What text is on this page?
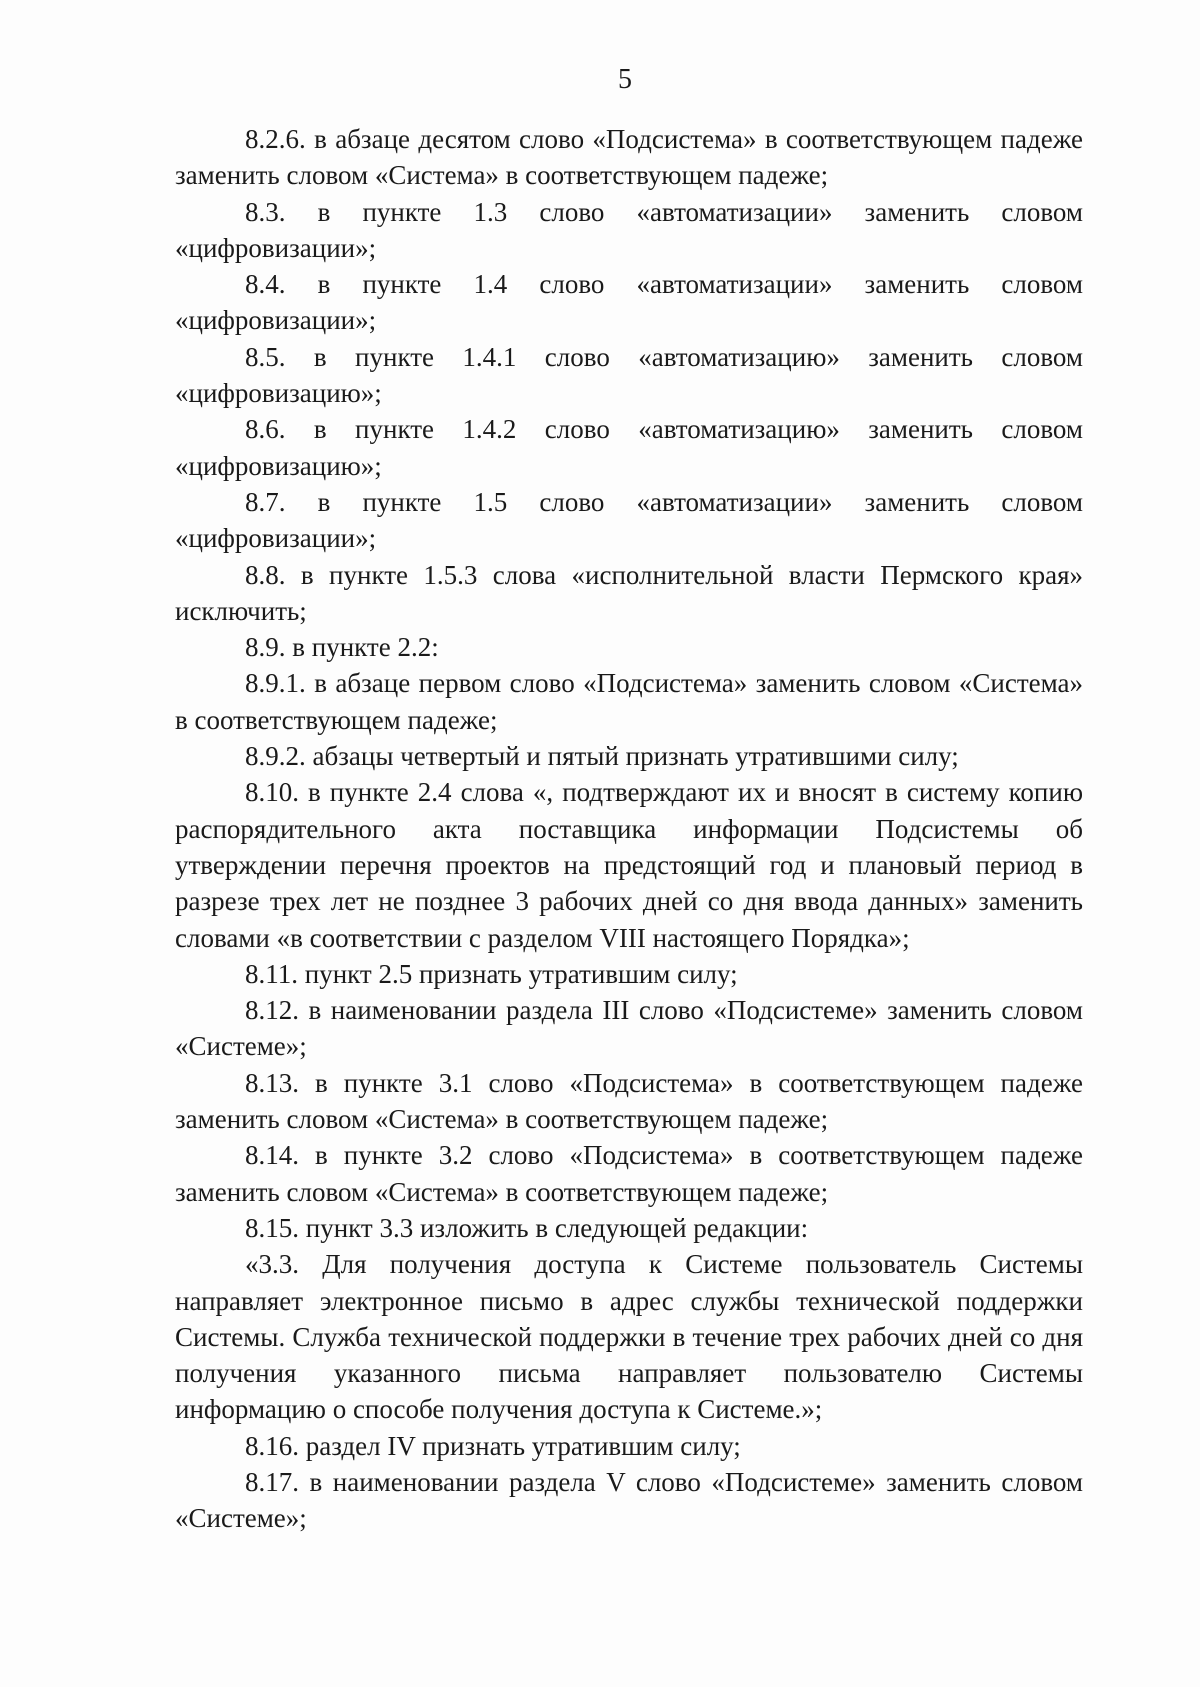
5

8.2.6. в абзаце десятом слово «Подсистема» в соответствующем падеже заменить словом «Система» в соответствующем падеже;

8.3. в пункте 1.3 слово «автоматизации» заменить словом «цифровизации»;

8.4. в пункте 1.4 слово «автоматизации» заменить словом «цифровизации»;

8.5. в пункте 1.4.1 слово «автоматизацию» заменить словом «цифровизацию»;

8.6. в пункте 1.4.2 слово «автоматизацию» заменить словом «цифровизацию»;

8.7. в пункте 1.5 слово «автоматизации» заменить словом «цифровизации»;

8.8. в пункте 1.5.3 слова «исполнительной власти Пермского края» исключить;

8.9. в пункте 2.2:

8.9.1. в абзаце первом слово «Подсистема» заменить словом «Система» в соответствующем падеже;

8.9.2. абзацы четвертый и пятый признать утратившими силу;

8.10. в пункте 2.4 слова «, подтверждают их и вносят в систему копию распорядительного акта поставщика информации Подсистемы об утверждении перечня проектов на предстоящий год и плановый период в разрезе трех лет не позднее 3 рабочих дней со дня ввода данных» заменить словами «в соответствии с разделом VIII настоящего Порядка»;

8.11. пункт 2.5 признать утратившим силу;

8.12. в наименовании раздела III слово «Подсистеме» заменить словом «Системе»;

8.13. в пункте 3.1 слово «Подсистема» в соответствующем падеже заменить словом «Система» в соответствующем падеже;

8.14. в пункте 3.2 слово «Подсистема» в соответствующем падеже заменить словом «Система» в соответствующем падеже;

8.15. пункт 3.3 изложить в следующей редакции:

«3.3. Для получения доступа к Системе пользователь Системы направляет электронное письмо в адрес службы технической поддержки Системы. Служба технической поддержки в течение трех рабочих дней со дня получения указанного письма направляет пользователю Системы информацию о способе получения доступа к Системе.»;

8.16. раздел IV признать утратившим силу;

8.17. в наименовании раздела V слово «Подсистеме» заменить словом «Системе»;
